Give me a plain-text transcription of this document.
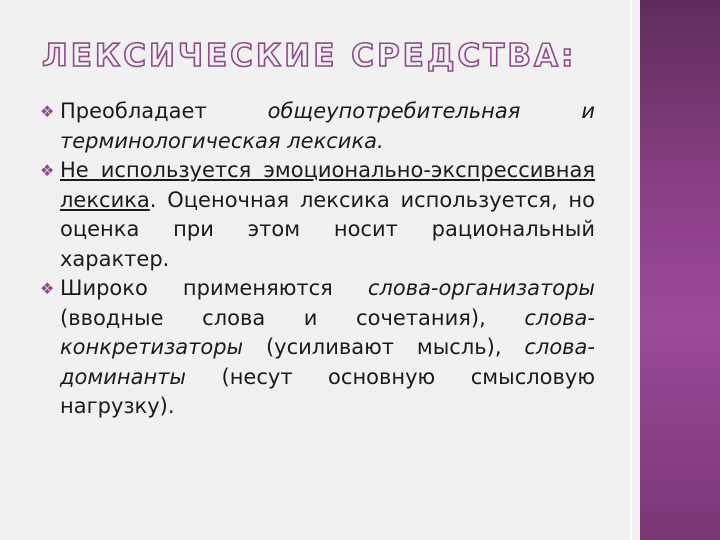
ЛЕКСИЧЕСКИЕ СРЕДСТВА:

❖ Преобладает общеупотребительная и терминологическая лексика.

❖ Не используется эмоционально-экспрессивная лексика. Оценочная лексика используется, но оценка при этом носит рациональный характер.

❖ Широко применяются слова-организаторы (вводные слова и сочетания), слова-конкретизаторы (усиливают мысль), слова-доминанты (несут основную смысловую нагрузку).
